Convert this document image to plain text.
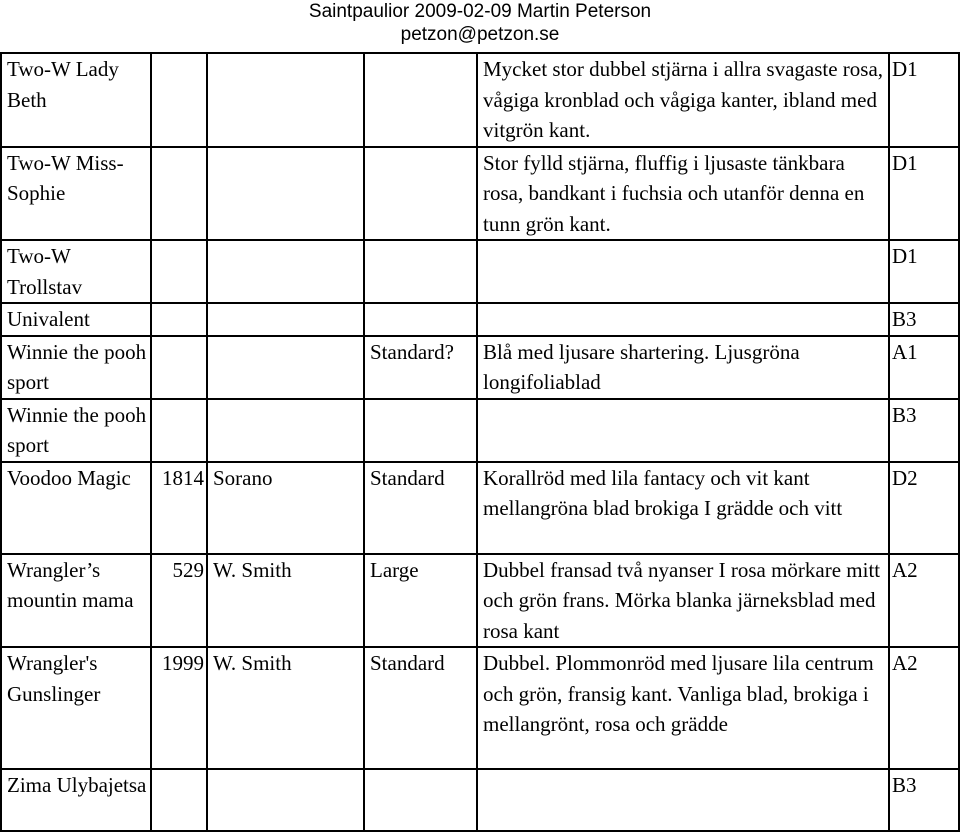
Saintpaulior 2009-02-09 Martin Peterson
petzon@petzon.se
Two-W Lady Beth				Mycket stor dubbel stjärna i allra svagaste rosa, vågiga kronblad och vågiga kanter, ibland med vitgrön kant.	D1
Two-W Miss-Sophie				Stor fylld stjärna, fluffig i ljusaste tänkbara rosa, bandkant i fuchsia och utanför denna en tunn grön kant.	D1
Two-W Trollstav					D1
Univalent					B3
Winnie the pooh sport			Standard?	Blå med ljusare shartering. Ljusgröna longifoliablad	A1
Winnie the pooh sport					B3
Voodoo Magic	1814	Sorano	Standard	Korallröd med lila fantacy och vit kant mellangröna blad brokiga I grädde och vitt	D2
Wrangler’s mountin mama	529	W. Smith	Large	Dubbel fransad två nyanser I rosa mörkare mitt och grön frans. Mörka blanka järneksblad med rosa kant	A2
Wrangler's Gunslinger	1999	W. Smith	Standard	Dubbel. Plommonröd med ljusare lila centrum och grön, fransig kant. Vanliga blad, brokiga i mellangrönt, rosa och grädde	A2
Zima Ulybajetsa					B3
